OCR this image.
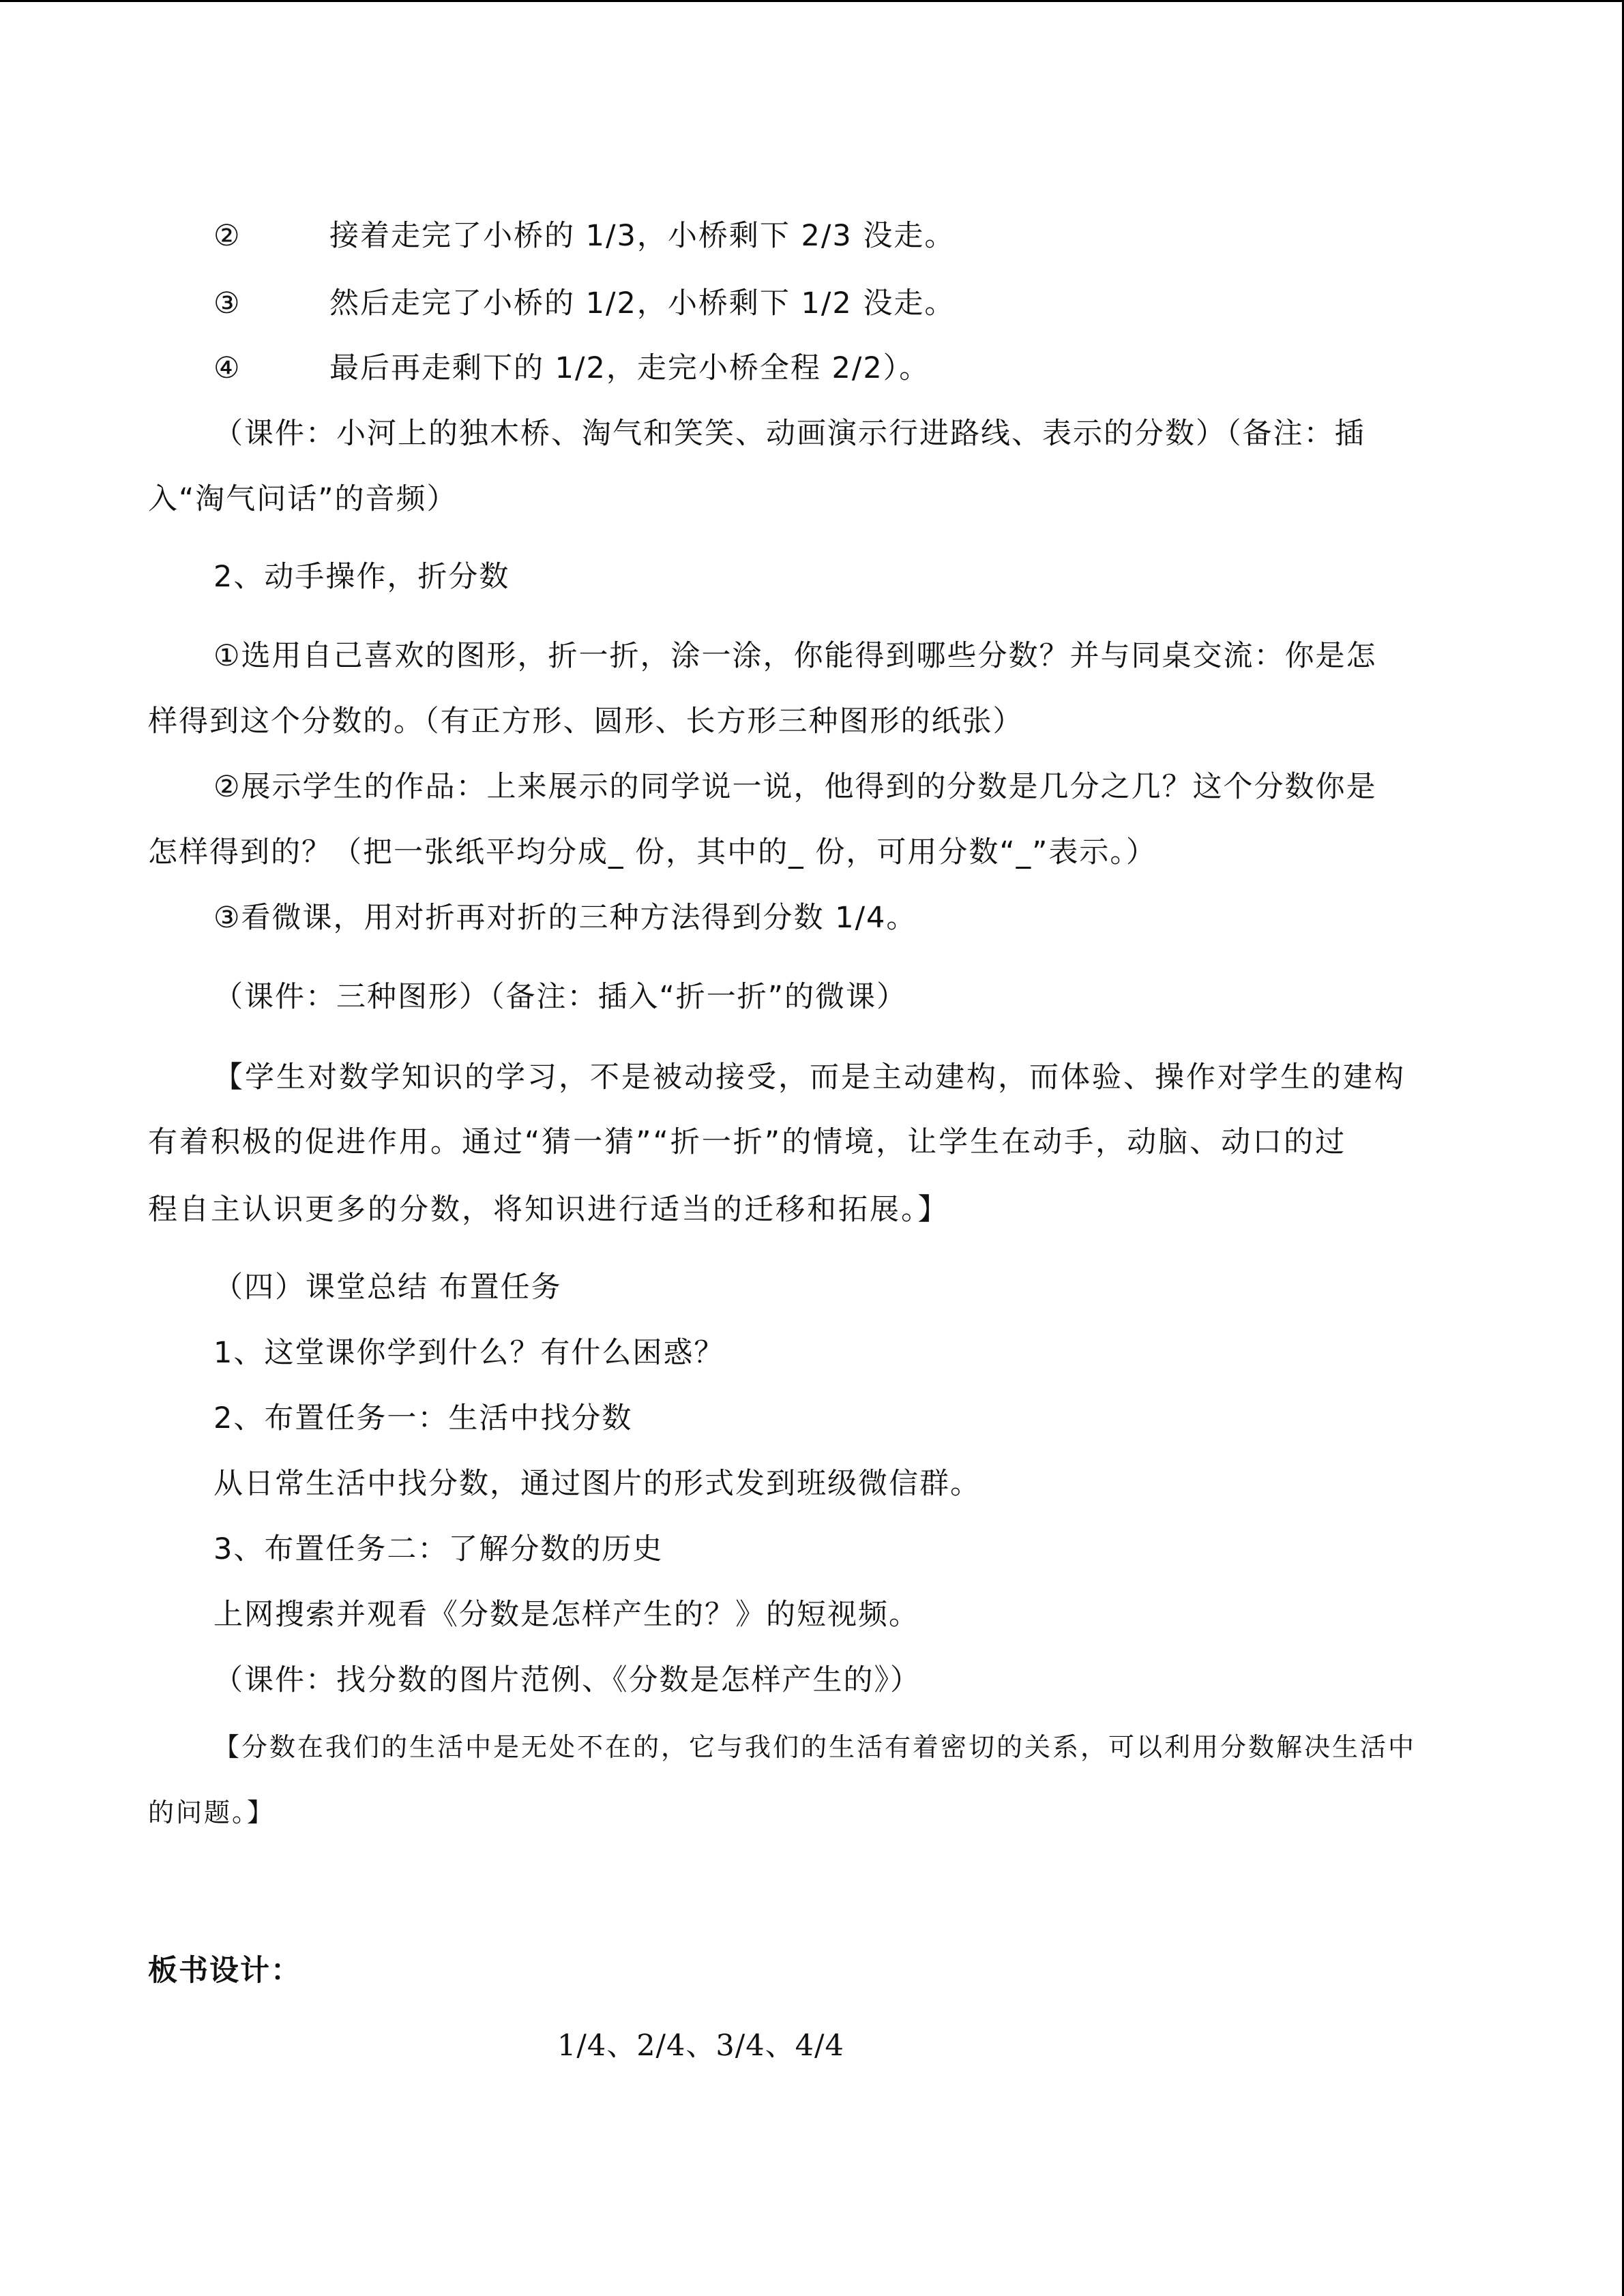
②	接着走完了小桥的 1/3，小桥剩下 2/3 没走。
③	然后走完了小桥的 1/2，小桥剩下 1/2 没走。
④	最后再走剩下的 1/2，走完小桥全程 2/2）。
（课件：小河上的独木桥、淘气和笑笑、动画演示行进路线、表示的分数）（备注：插
入“淘气问话”的音频）
2、动手操作，折分数
①选用自己喜欢的图形，折一折，涂一涂，你能得到哪些分数？并与同桌交流：你是怎
样得到这个分数的。（有正方形、圆形、长方形三种图形的纸张）
②展示学生的作品：上来展示的同学说一说，他得到的分数是几分之几？这个分数你是
怎样得到的？（把一张纸平均分成_ 份，其中的_ 份，可用分数“_”表示。）
③看微课，用对折再对折的三种方法得到分数 1/4。
（课件：三种图形）（备注：插入“折一折”的微课）
【学生对数学知识的学习，不是被动接受，而是主动建构，而体验、操作对学生的建构
有着积极的促进作用。通过“猜一猜”“折一折”的情境，让学生在动手，动脑、动口的过
程自主认识更多的分数，将知识进行适当的迁移和拓展。】
（四）课堂总结 布置任务
1、这堂课你学到什么？有什么困惑？
2、布置任务一：生活中找分数
从日常生活中找分数，通过图片的形式发到班级微信群。
3、布置任务二：了解分数的历史
上网搜索并观看《分数是怎样产生的？》的短视频。
（课件：找分数的图片范例、《分数是怎样产生的》）
【分数在我们的生活中是无处不在的，它与我们的生活有着密切的关系，可以利用分数解决生活中
的问题。】
板书设计：
1/4、2/4、3/4、4/4
